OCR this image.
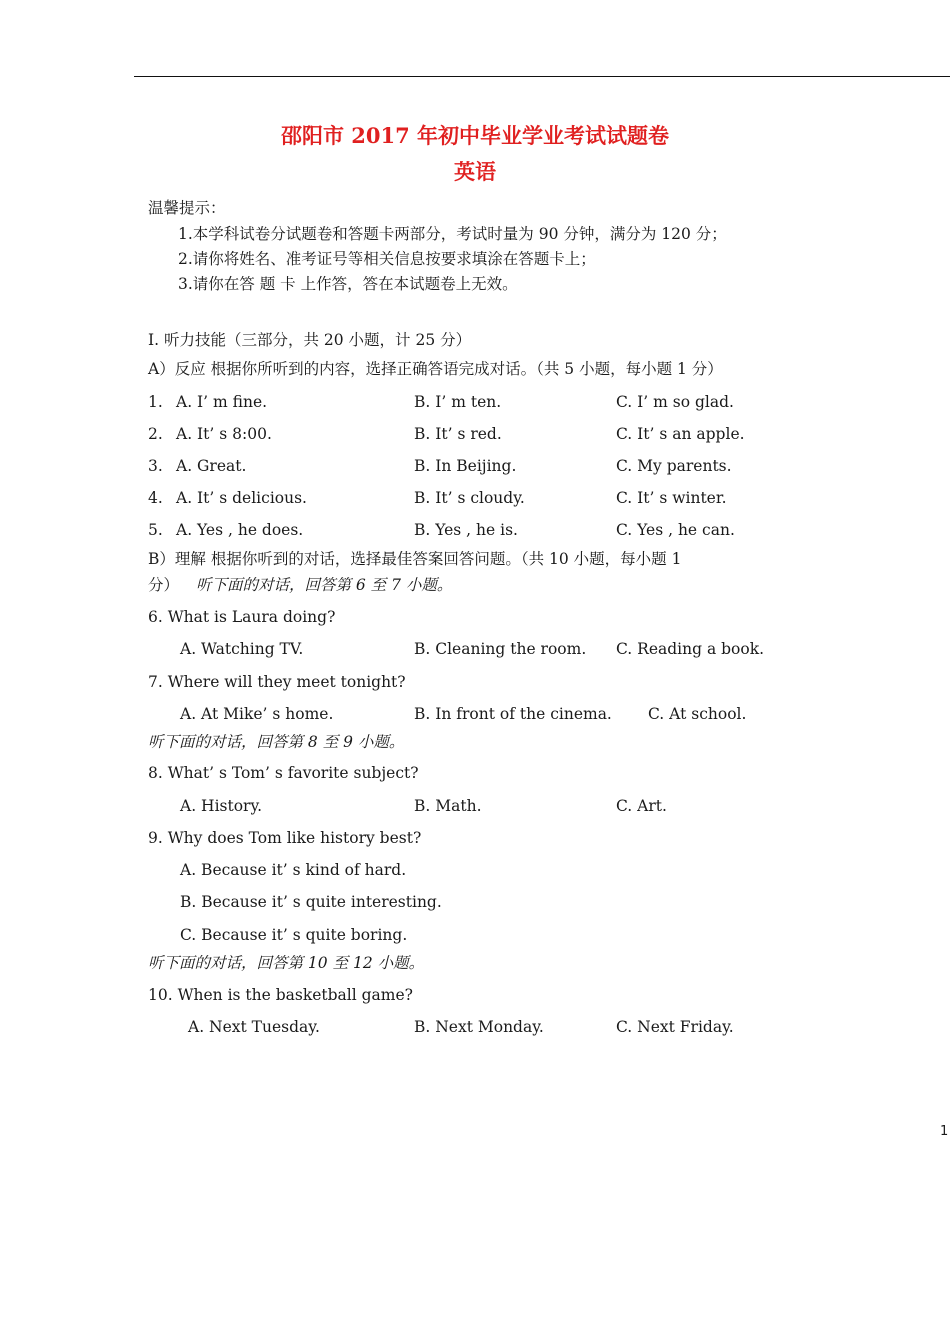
邵阳市 2017 年初中毕业学业考试试题卷
英语
温馨提示：
1.本学科试卷分试题卷和答题卡两部分，考试时量为 90 分钟，满分为 120 分；
2.请你将姓名、准考证号等相关信息按要求填涂在答题卡上；
3.请你在答 题 卡 上作答，答在本试题卷上无效。
Ⅰ. 听力技能（三部分，共 20 小题，计 25 分）
A）反应 根据你所听到的内容，选择正确答语完成对话。（共 5 小题，每小题 1 分）
1. A. I’ m fine.	B. I’ m ten.	C. I’ m so glad.
2. A. It’ s 8:00.	B. It’ s red.	C. It’ s an apple.
3. A. Great.	B. In Beijing.	C. My parents.
4. A. It’ s delicious.	B. It’ s cloudy.	C. It’ s winter.
5. A. Yes , he does.	B. Yes , he is.	C. Yes , he can.
B）理解 根据你听到的对话，选择最佳答案回答问题。（共 10 小题，每小题 1
分） 听下面的对话，回答第 6 至 7 小题。
6. What is Laura doing?
A. Watching TV.	B. Cleaning the room. C. Reading a book.
7. Where will they meet tonight?
A. At Mike’ s home.	B. In front of the cinema. C. At school.
听下面的对话，回答第 8 至 9 小题。
8. What’ s Tom’ s favorite subject?
A. History.	B. Math.	C. Art.
9. Why does Tom like history best?
A. Because it’ s kind of hard.
B. Because it’ s quite interesting.
C. Because it’ s quite boring.
听下面的对话，回答第 10 至 12 小题。
10. When is the basketball game?
A. Next Tuesday.	B. Next Monday.	C. Next Friday.
1
